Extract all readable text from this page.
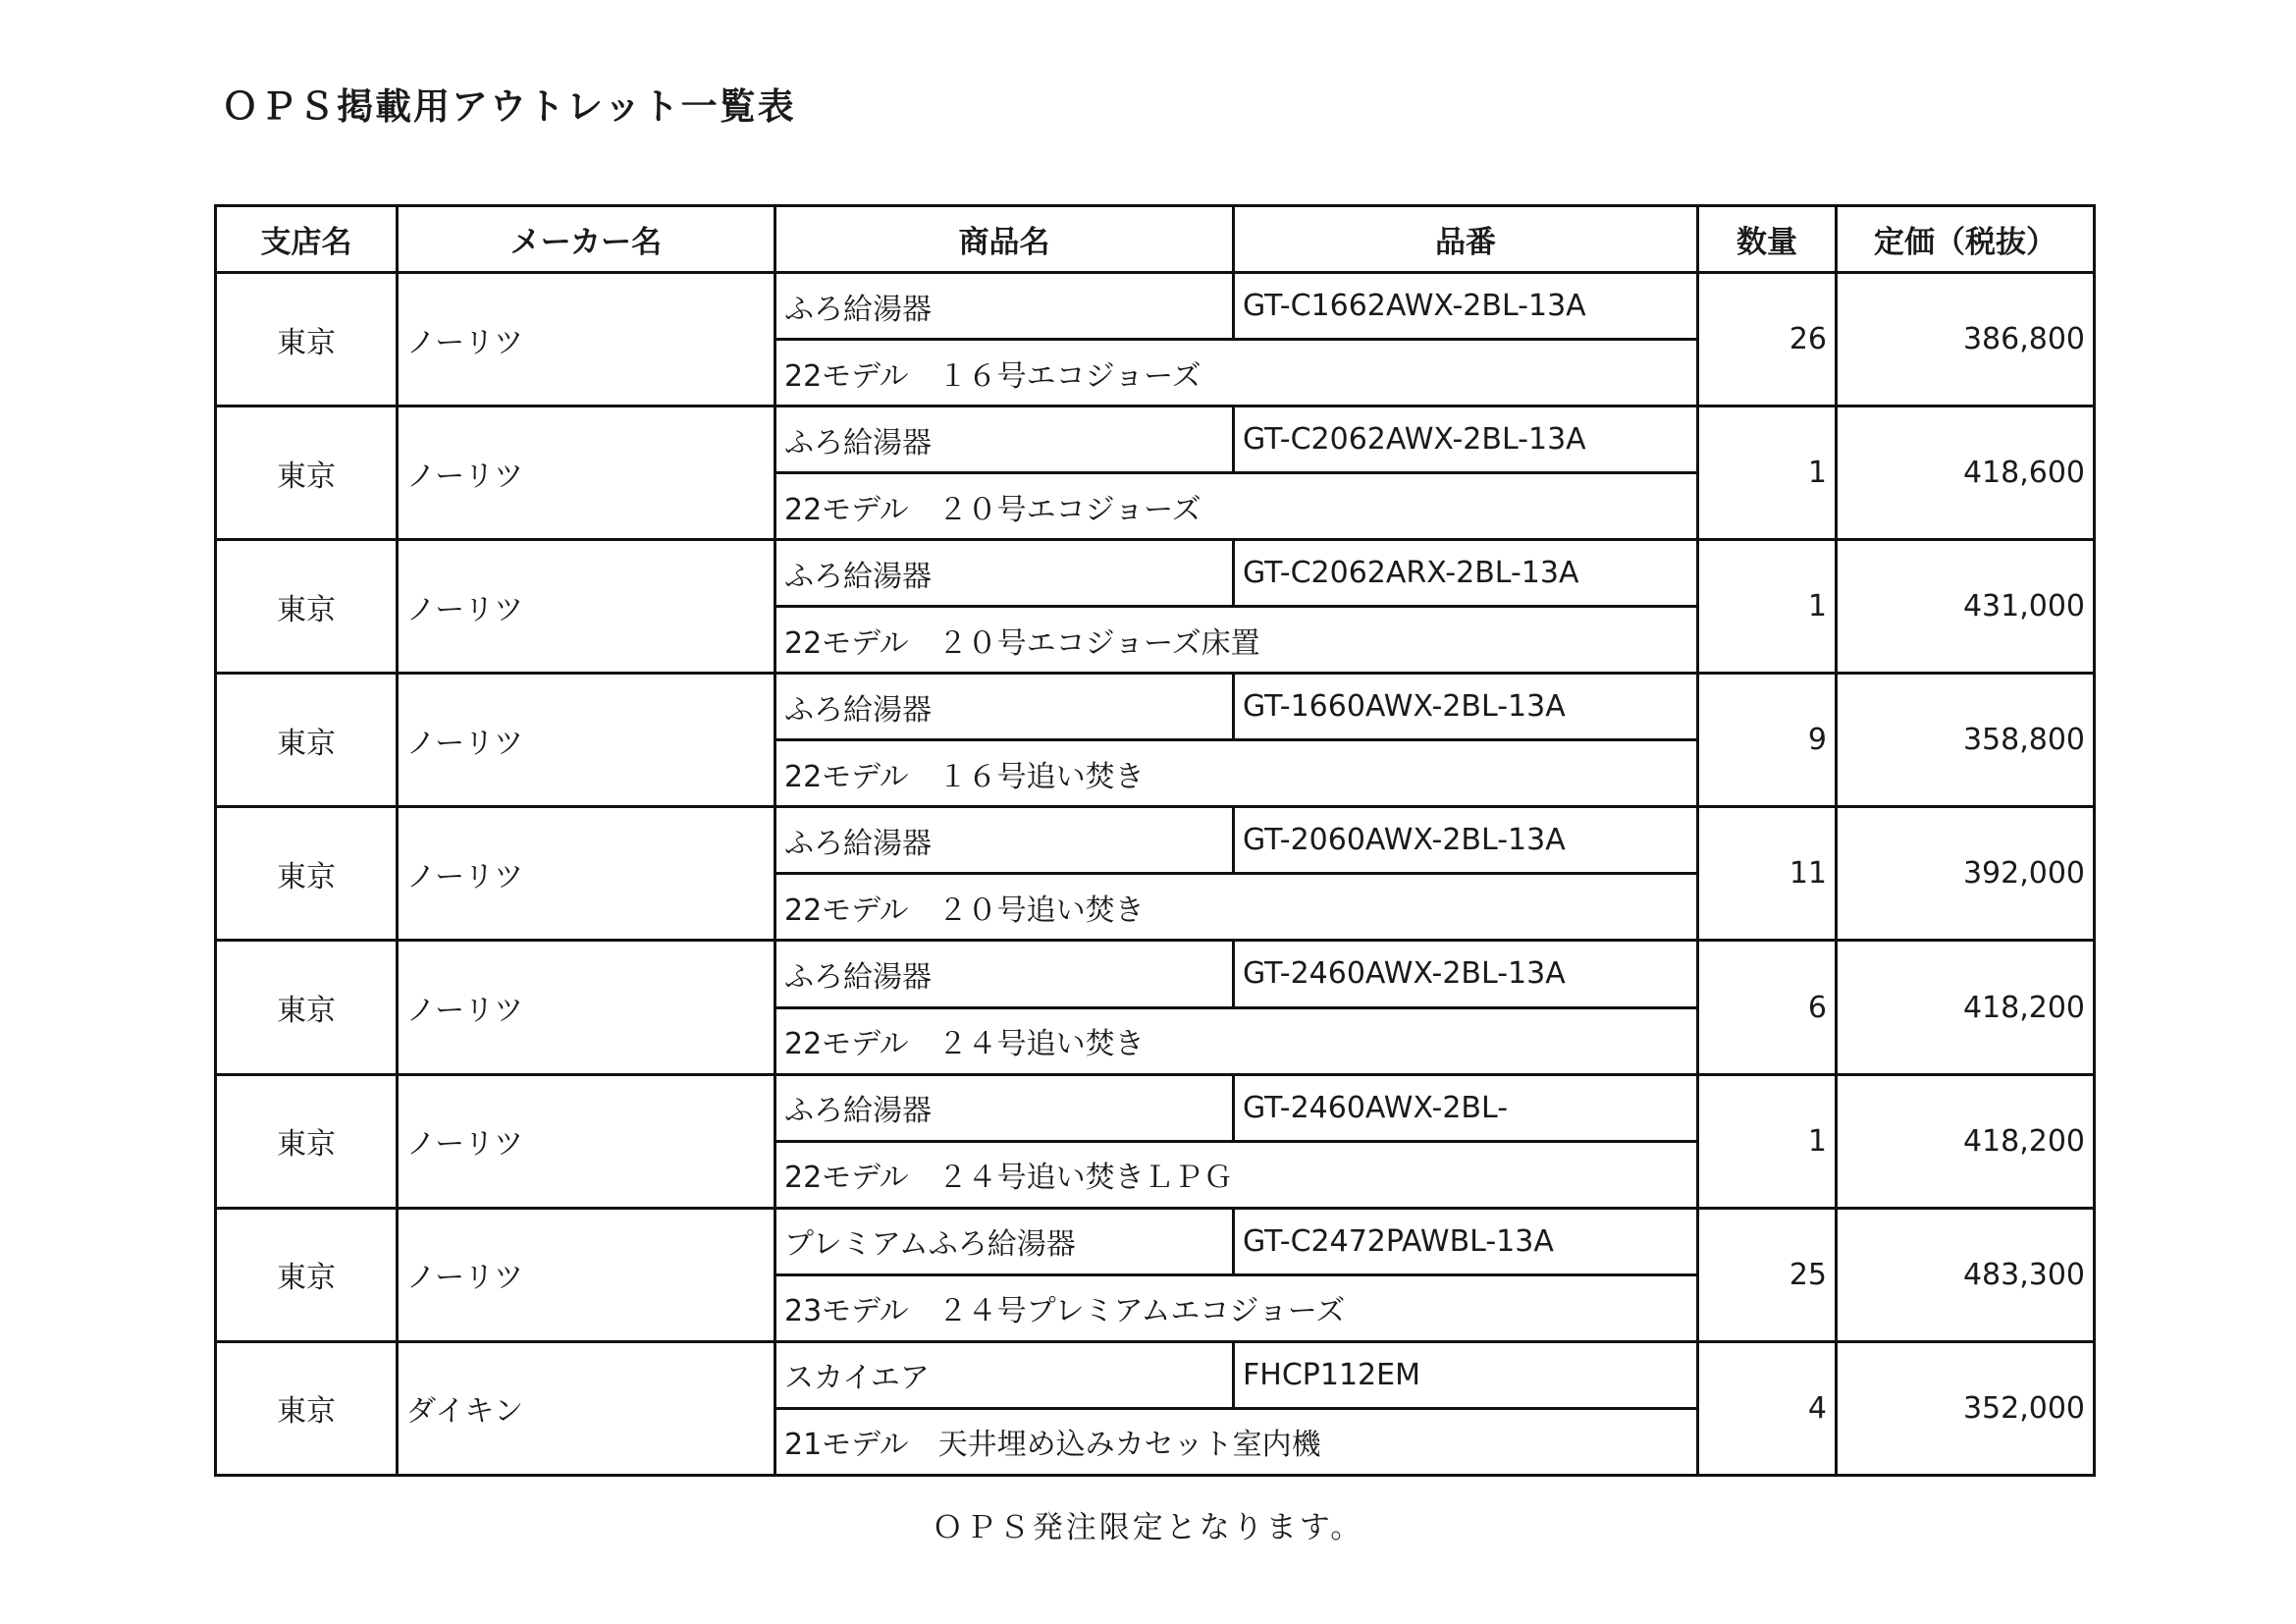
ＯＰＳ掲載用アウトレット一覧表
支店名	メーカー名	商品名	品番	数量	定価（税抜）
東京	ノーリツ	ふろ給湯器	GT-C1662AWX-2BL-13A	26	386,800
		22モデル　１６号エコジョーズ			
東京	ノーリツ	ふろ給湯器	GT-C2062AWX-2BL-13A	1	418,600
		22モデル　２０号エコジョーズ			
東京	ノーリツ	ふろ給湯器	GT-C2062ARX-2BL-13A	1	431,000
		22モデル　２０号エコジョーズ床置			
東京	ノーリツ	ふろ給湯器	GT-1660AWX-2BL-13A	9	358,800
		22モデル　１６号追い焚き			
東京	ノーリツ	ふろ給湯器	GT-2060AWX-2BL-13A	11	392,000
		22モデル　２０号追い焚き			
東京	ノーリツ	ふろ給湯器	GT-2460AWX-2BL-13A	6	418,200
		22モデル　２４号追い焚き			
東京	ノーリツ	ふろ給湯器	GT-2460AWX-2BL-	1	418,200
		22モデル　２４号追い焚きＬＰＧ			
東京	ノーリツ	プレミアムふろ給湯器	GT-C2472PAWBL-13A	25	483,300
		23モデル　２４号プレミアムエコジョーズ			
東京	ダイキン	スカイエア	FHCP112EM	4	352,000
		21モデル　天井埋め込みカセット室内機			
ＯＰＳ発注限定となります。
